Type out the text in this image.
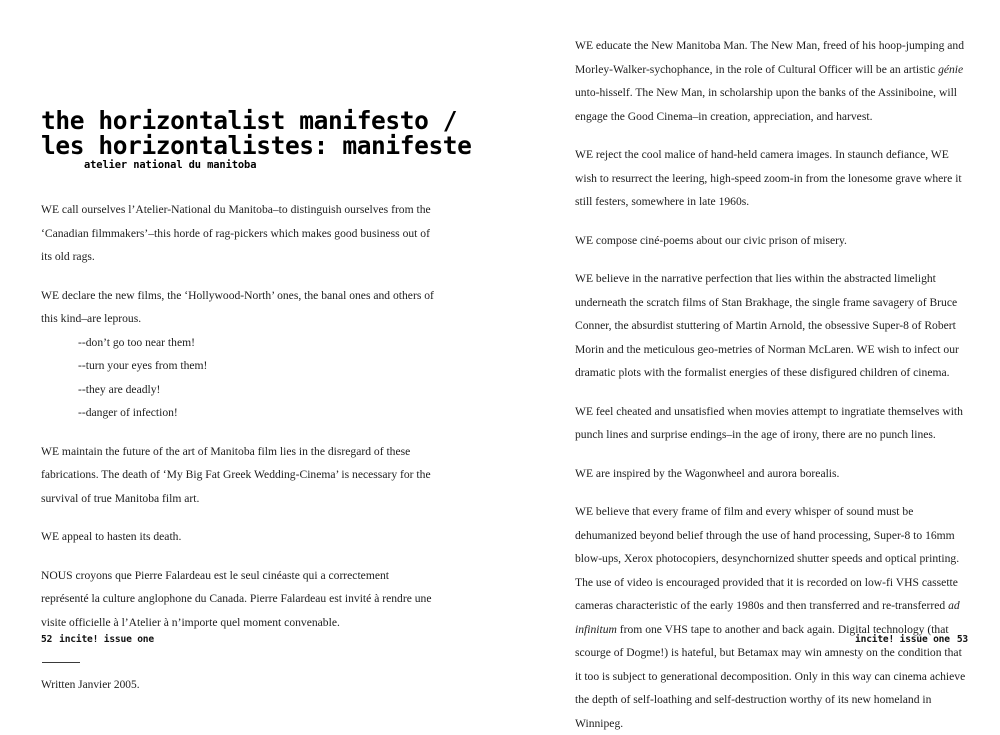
the horizontalist manifesto /
les horizontalistes: manifeste
atelier national du manitoba

WE call ourselves l’Atelier-National du Manitoba–to distinguish ourselves from the ‘Canadian filmmakers’–this horde of rag-pickers which makes good business out of its old rags.

WE declare the new films, the ‘Hollywood-North’ ones, the banal ones and others of this kind–are leprous.

--don’t go too near them!
--turn your eyes from them!
--they are deadly!
--danger of infection!

WE maintain the future of the art of Manitoba film lies in the disregard of these fabrications. The death of ‘My Big Fat Greek Wedding-Cinema’ is necessary for the survival of true Manitoba film art.

WE appeal to hasten its death.

NOUS croyons que Pierre Falardeau est le seul cinéaste qui a correctement représenté la culture anglophone du Canada. Pierre Falardeau est invité à rendre une visite officielle à l’Atelier à n’importe quel moment convenable.

Written Janvier 2005.
52 incite! issue one

WE educate the New Manitoba Man. The New Man, freed of his hoop-jumping and Morley-Walker-sychophance, in the role of Cultural Officer will be an artistic génie unto-hisself. The New Man, in scholarship upon the banks of the Assiniboine, will engage the Good Cinema–in creation, appreciation, and harvest.

WE reject the cool malice of hand-held camera images. In staunch defiance, WE wish to resurrect the leering, high-speed zoom-in from the lonesome grave where it still festers, somewhere in late 1960s.

WE compose ciné-poems about our civic prison of misery.

WE believe in the narrative perfection that lies within the abstracted limelight underneath the scratch films of Stan Brakhage, the single frame savagery of Bruce Conner, the absurdist stuttering of Martin Arnold, the obsessive Super-8 of Robert Morin and the meticulous geo-metries of Norman McLaren. WE wish to infect our dramatic plots with the formalist energies of these disfigured children of cinema.

WE feel cheated and unsatisfied when movies attempt to ingratiate themselves with punch lines and surprise endings–in the age of irony, there are no punch lines.

WE are inspired by the Wagonwheel and aurora borealis.

WE believe that every frame of film and every whisper of sound must be dehumanized beyond belief through the use of hand processing, Super-8 to 16mm blow-ups, Xerox photocopiers, desynchornized shutter speeds and optical printing. The use of video is encouraged provided that it is recorded on low-fi VHS cassette cameras characteristic of the early 1980s and then transferred and re-transferred ad infinitum from one VHS tape to another and back again. Digital technology (that scourge of Dogme!) is hateful, but Betamax may win amnesty on the condition that it too is subject to generational decomposition. Only in this way can cinema achieve the depth of self-loathing and self-destruction worthy of its new homeland in Winnipeg.

incite! issue one 53
